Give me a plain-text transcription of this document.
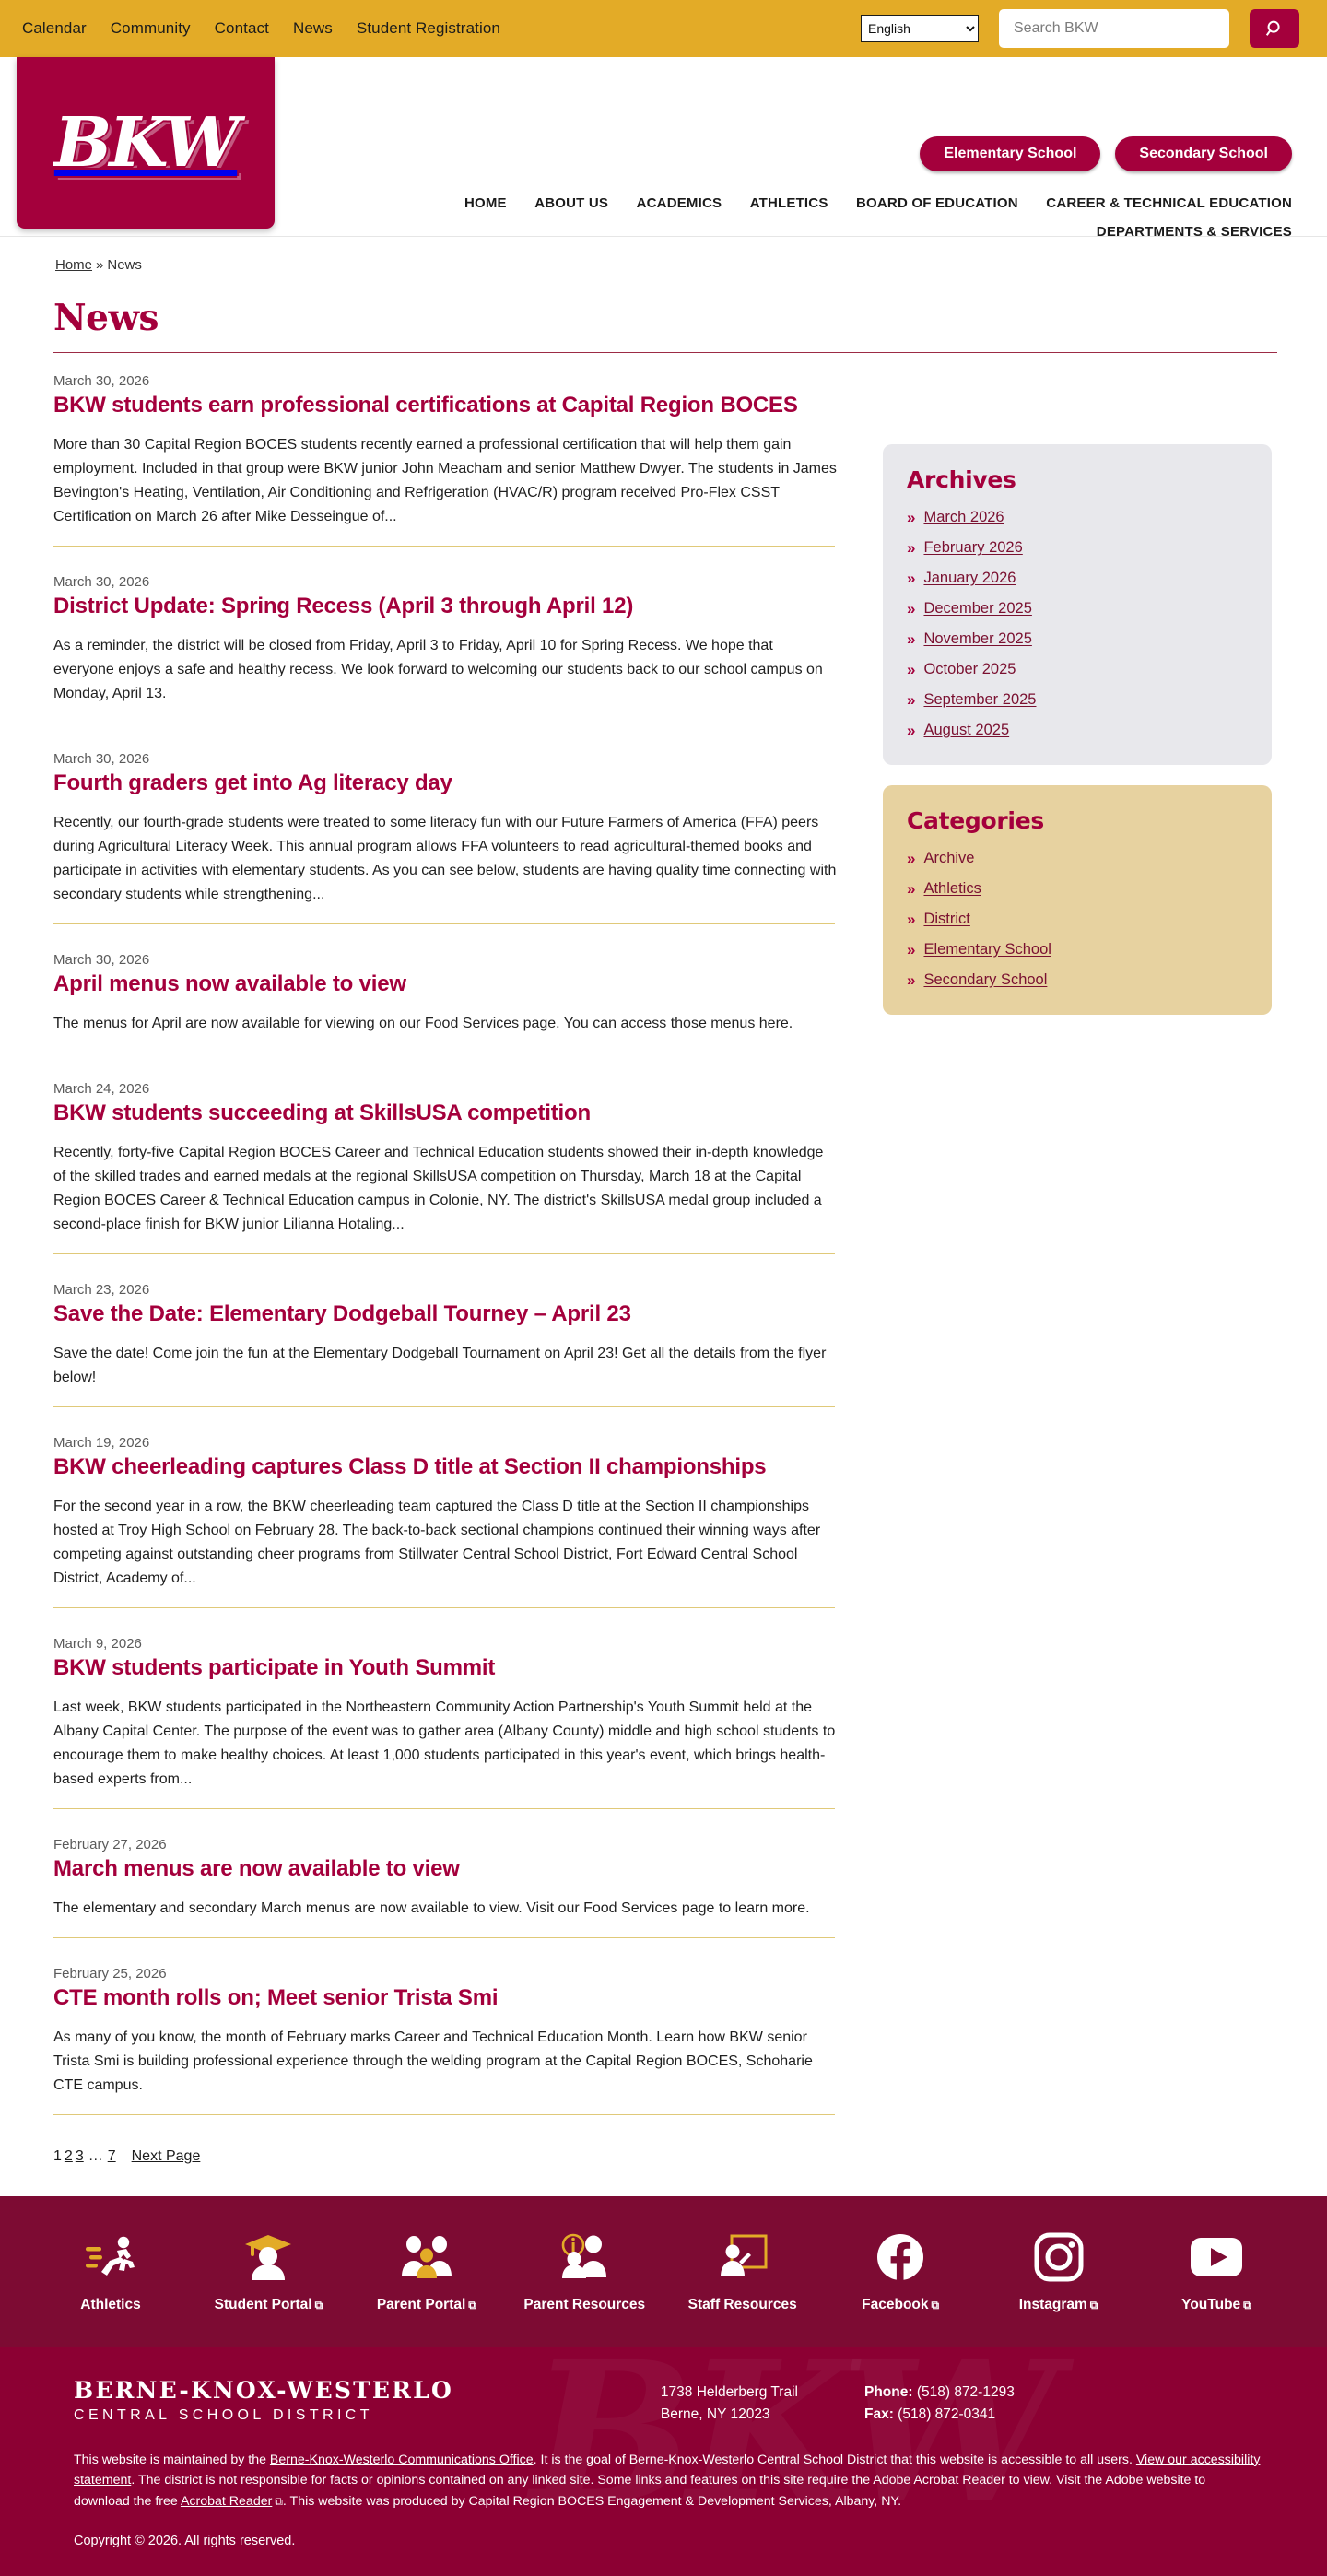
Calendar Community Contact News Student Registration
English
Search BKW
BKW	Elementary School	Secondary School
HOME ABOUT US ACADEMICS ATHLETICS BOARD OF EDUCATION CAREER & TECHNICAL EDUCATION DEPARTMENTS & SERVICES
Home » News
News
March 30, 2026
BKW students earn professional certifications at Capital Region BOCES

More than 30 Capital Region BOCES students recently earned a professional certification that will help them gain employment. Included in that group were BKW junior John Meacham and senior Matthew Dwyer. The students in James Bevington's Heating, Ventilation, Air Conditioning and Refrigeration (HVAC/R) program received Pro-Flex CSST Certification on March 26 after Mike Desseingue of...

March 30, 2026
District Update: Spring Recess (April 3 through April 12)

As a reminder, the district will be closed from Friday, April 3 to Friday, April 10 for Spring Recess. We hope that everyone enjoys a safe and healthy recess. We look forward to welcoming our students back to our school campus on Monday, April 13.

March 30, 2026
Fourth graders get into Ag literacy day

Recently, our fourth-grade students were treated to some literacy fun with our Future Farmers of America (FFA) peers during Agricultural Literacy Week. This annual program allows FFA volunteers to read agricultural-themed books and participate in activities with elementary students. As you can see below, students are having quality time connecting with secondary students while strengthening...

March 30, 2026
April menus now available to view

The menus for April are now available for viewing on our Food Services page. You can access those menus here.

March 24, 2026
BKW students succeeding at SkillsUSA competition

Recently, forty-five Capital Region BOCES Career and Technical Education students showed their in-depth knowledge of the skilled trades and earned medals at the regional SkillsUSA competition on Thursday, March 18 at the Capital Region BOCES Career & Technical Education campus in Colonie, NY. The district's SkillsUSA medal group included a second-place finish for BKW junior Lilianna Hotaling...

March 23, 2026
Save the Date: Elementary Dodgeball Tourney – April 23

Save the date! Come join the fun at the Elementary Dodgeball Tournament on April 23! Get all the details from the flyer below!

March 19, 2026
BKW cheerleading captures Class D title at Section II championships

For the second year in a row, the BKW cheerleading team captured the Class D title at the Section II championships hosted at Troy High School on February 28. The back-to-back sectional champions continued their winning ways after competing against outstanding cheer programs from Stillwater Central School District, Fort Edward Central School District, Academy of...

March 9, 2026
BKW students participate in Youth Summit

Last week, BKW students participated in the Northeastern Community Action Partnership's Youth Summit held at the Albany Capital Center. The purpose of the event was to gather area (Albany County) middle and high school students to encourage them to make healthy choices. At least 1,000 students participated in this year's event, which brings health-based experts from...

February 27, 2026
March menus are now available to view

The elementary and secondary March menus are now available to view. Visit our Food Services page to learn more.

February 25, 2026
CTE month rolls on; Meet senior Trista Smi

As many of you know, the month of February marks Career and Technical Education Month. Learn how BKW senior Trista Smi is building professional experience through the welding program at the Capital Region BOCES, Schoharie CTE campus.

1 2 3 … 7 Next Page
Archives
» March 2026
» February 2026
» January 2026
» December 2025
» November 2025
» October 2025
» September 2025
» August 2025
Categories
» Archive
» Athletics
» District
» Elementary School
» Secondary School
Athletics	Student Portal ⧉	Parent Portal ⧉	Parent Resources	Staff Resources	Facebook ⧉	Instagram ⧉	YouTube ⧉
BERNE-KNOX-WESTERLO
CENTRAL SCHOOL DISTRICT
1738 Helderberg Trail
Berne, NY 12023
Phone: (518) 872-1293
Fax: (518) 872-0341

This website is maintained by the Berne-Knox-Westerlo Communications Office. It is the goal of Berne-Knox-Westerlo Central School District that this website is accessible to all users. View our accessibility statement. The district is not responsible for facts or opinions contained on any linked site. Some links and features on this site require the Adobe Acrobat Reader to view. Visit the Adobe website to download the free Acrobat Reader ⧉. This website was produced by Capital Region BOCES Engagement & Development Services, Albany, NY.

Copyright © 2026. All rights reserved.
